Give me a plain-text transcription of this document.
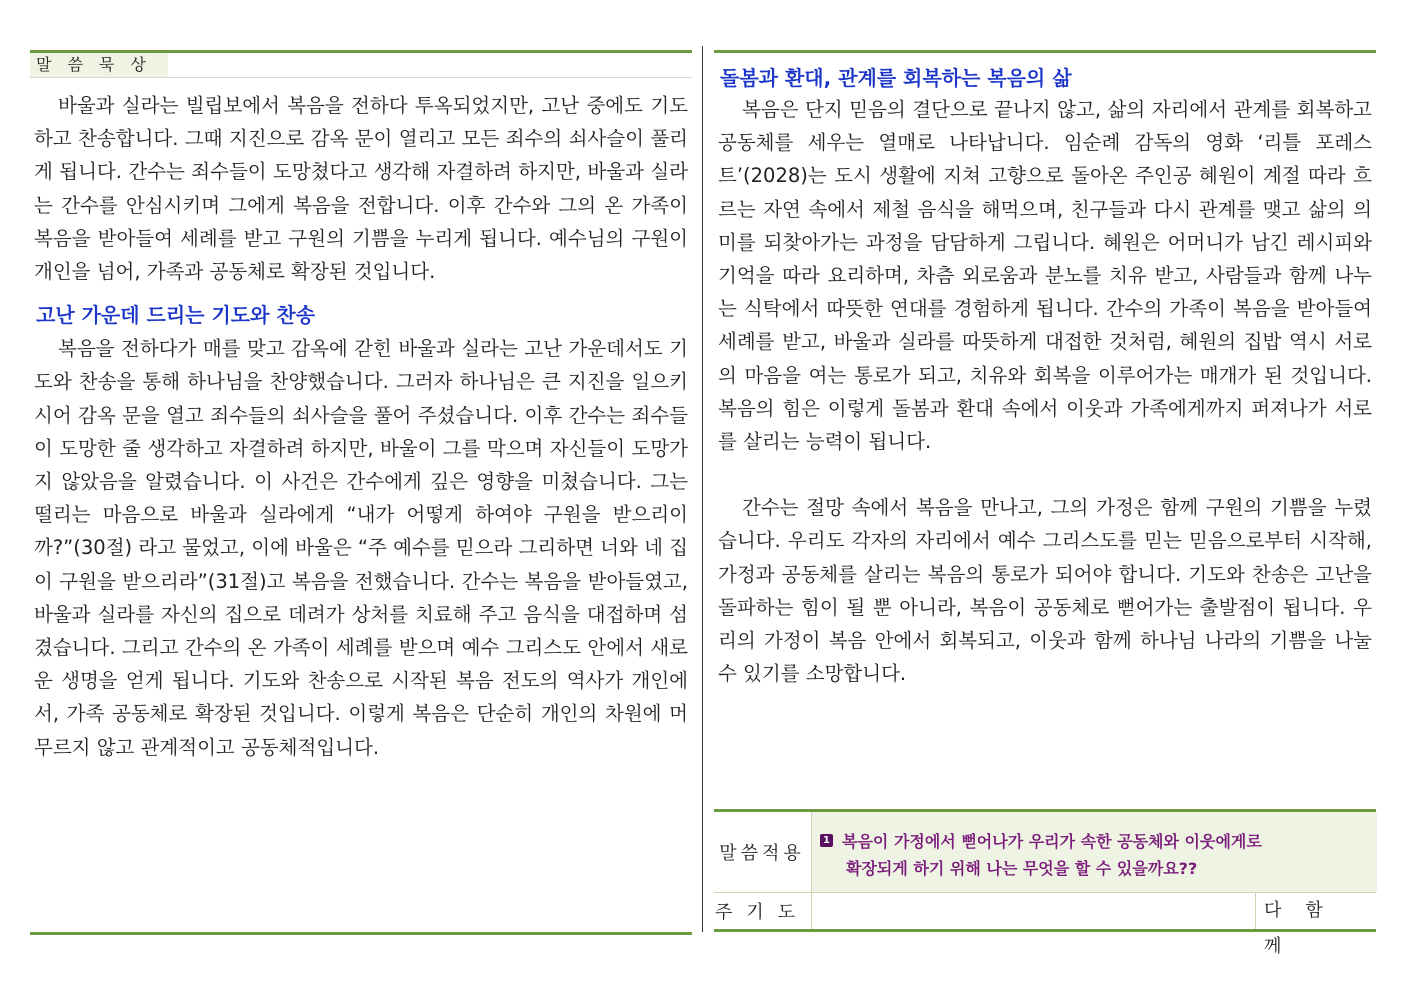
말씀묵상

바울과 실라는 빌립보에서 복음을 전하다 투옥되었지만, 고난 중에도 기도하고 찬송합니다. 그때 지진으로 감옥 문이 열리고 모든 죄수의 쇠사슬이 풀리게 됩니다. 간수는 죄수들이 도망쳤다고 생각해 자결하려 하지만, 바울과 실라는 간수를 안심시키며 그에게 복음을 전합니다. 이후 간수와 그의 온 가족이 복음을 받아들여 세례를 받고 구원의 기쁨을 누리게 됩니다. 예수님의 구원이 개인을 넘어, 가족과 공동체로 확장된 것입니다.

고난 가운데 드리는 기도와 찬송

복음을 전하다가 매를 맞고 감옥에 갇힌 바울과 실라는 고난 가운데서도 기도와 찬송을 통해 하나님을 찬양했습니다. 그러자 하나님은 큰 지진을 일으키시어 감옥 문을 열고 죄수들의 쇠사슬을 풀어 주셨습니다. 이후 간수는 죄수들이 도망한 줄 생각하고 자결하려 하지만, 바울이 그를 막으며 자신들이 도망가지 않았음을 알렸습니다. 이 사건은 간수에게 깊은 영향을 미쳤습니다. 그는 떨리는 마음으로 바울과 실라에게 “내가 어떻게 하여야 구원을 받으리이까?”(30절) 라고 물었고, 이에 바울은 “주 예수를 믿으라 그리하면 너와 네 집이 구원을 받으리라”(31절)고 복음을 전했습니다. 간수는 복음을 받아들였고, 바울과 실라를 자신의 집으로 데려가 상처를 치료해 주고 음식을 대접하며 섬겼습니다. 그리고 간수의 온 가족이 세례를 받으며 예수 그리스도 안에서 새로운 생명을 얻게 됩니다. 기도와 찬송으로 시작된 복음 전도의 역사가 개인에서, 가족 공동체로 확장된 것입니다. 이렇게 복음은 단순히 개인의 차원에 머무르지 않고 관계적이고 공동체적입니다.

돌봄과 환대, 관계를 회복하는 복음의 삶

복음은 단지 믿음의 결단으로 끝나지 않고, 삶의 자리에서 관계를 회복하고 공동체를 세우는 열매로 나타납니다. 임순례 감독의 영화 ‘리틀 포레스트’(2028)는 도시 생활에 지쳐 고향으로 돌아온 주인공 혜원이 계절 따라 흐르는 자연 속에서 제철 음식을 해먹으며, 친구들과 다시 관계를 맺고 삶의 의미를 되찾아가는 과정을 담담하게 그립니다. 혜원은 어머니가 남긴 레시피와 기억을 따라 요리하며, 차츰 외로움과 분노를 치유 받고, 사람들과 함께 나누는 식탁에서 따뜻한 연대를 경험하게 됩니다. 간수의 가족이 복음을 받아들여 세례를 받고, 바울과 실라를 따뜻하게 대접한 것처럼, 혜원의 집밥 역시 서로의 마음을 여는 통로가 되고, 치유와 회복을 이루어가는 매개가 된 것입니다. 복음의 힘은 이렇게 돌봄과 환대 속에서 이웃과 가족에게까지 퍼져나가 서로를 살리는 능력이 됩니다.

간수는 절망 속에서 복음을 만나고, 그의 가정은 함께 구원의 기쁨을 누렸습니다. 우리도 각자의 자리에서 예수 그리스도를 믿는 믿음으로부터 시작해, 가정과 공동체를 살리는 복음의 통로가 되어야 합니다. 기도와 찬송은 고난을 돌파하는 힘이 될 뿐 아니라, 복음이 공동체로 뻗어가는 출발점이 됩니다. 우리의 가정이 복음 안에서 회복되고, 이웃과 함께 하나님 나라의 기쁨을 나눌 수 있기를 소망합니다.

말씀적용
1 복음이 가정에서 뻗어나가 우리가 속한 공동체와 이웃에게로
확장되게 하기 위해 나는 무엇을 할 수 있을까요??
주기도	다함께
